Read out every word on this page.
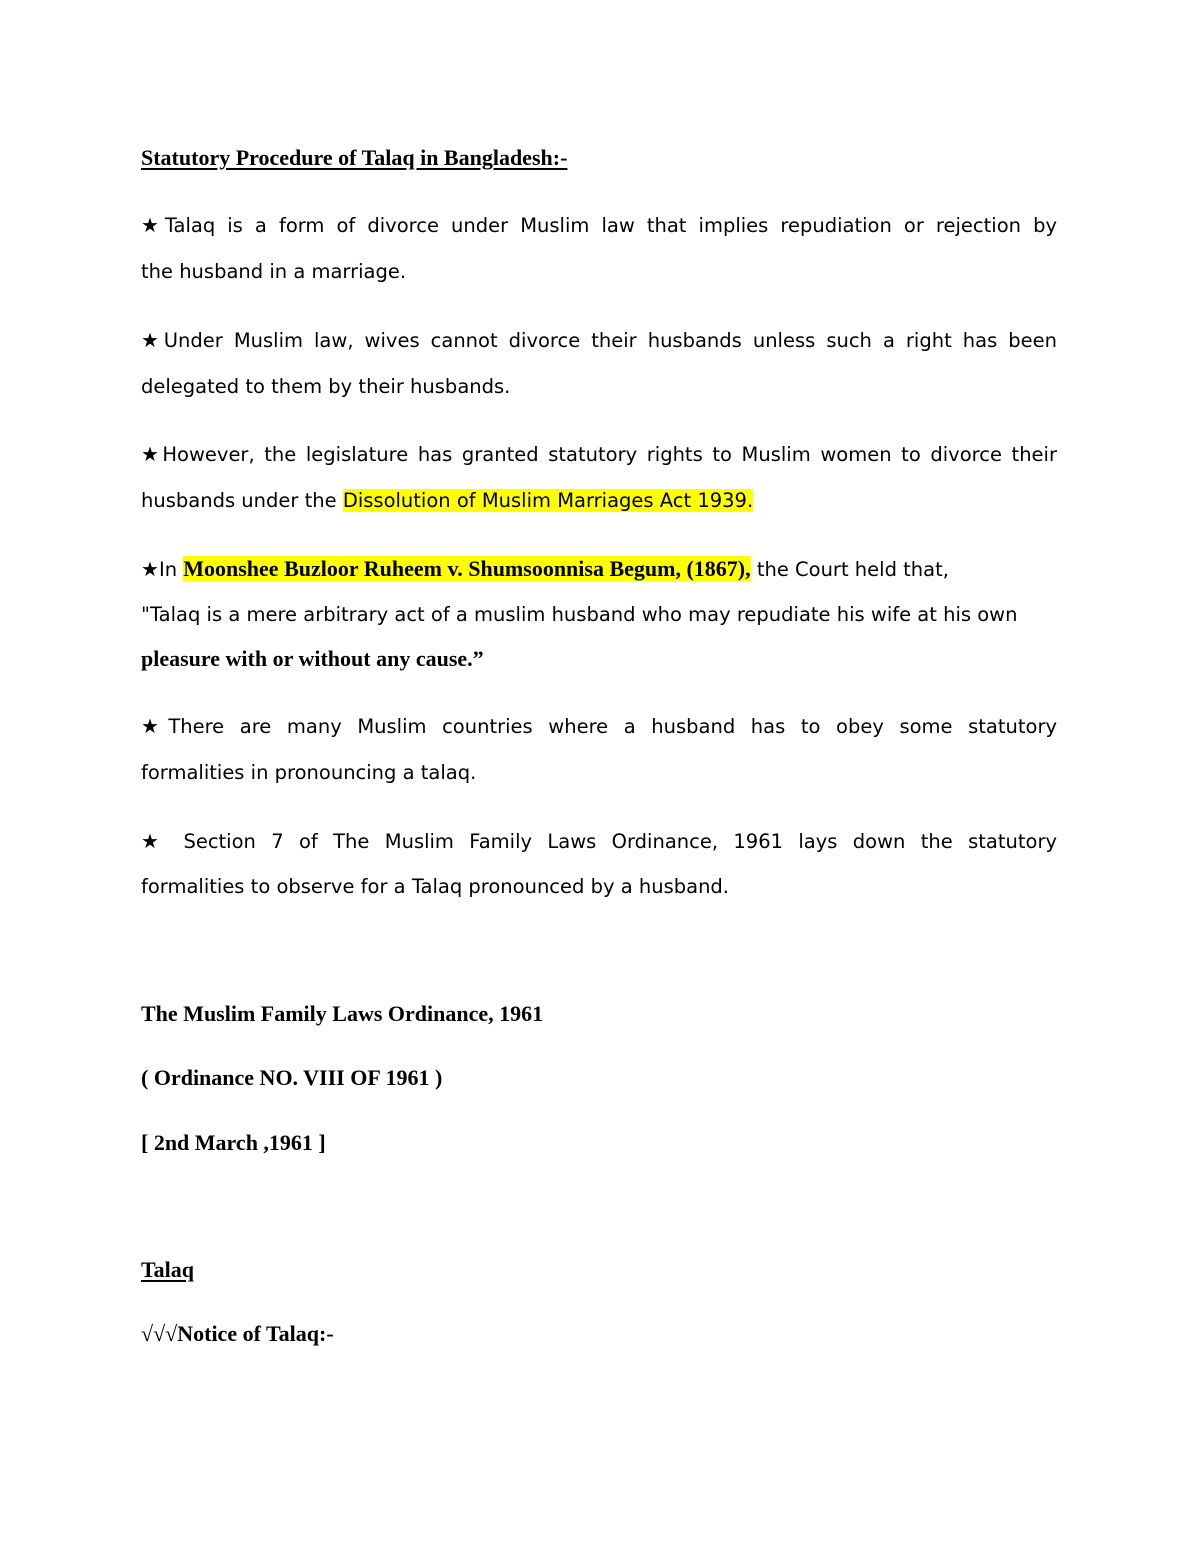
Statutory Procedure of Talaq in Bangladesh:-
★Talaq is a form of divorce under Muslim law that implies repudiation or rejection by
the husband in a marriage.
★Under Muslim law, wives cannot divorce their husbands unless such a right has been
delegated to them by their husbands.
★However, the legislature has granted statutory rights to Muslim women to divorce their
husbands under the Dissolution of Muslim Marriages Act 1939.
★In Moonshee Buzloor Ruheem v. Shumsoonnisa Begum, (1867), the Court held that,
"Talaq is a mere arbitrary act of a muslim husband who may repudiate his wife at his own
pleasure with or without any cause.”
★There are many Muslim countries where a husband has to obey some statutory
formalities in pronouncing a talaq.
★ Section 7 of The Muslim Family Laws Ordinance, 1961 lays down the statutory
formalities to observe for a Talaq pronounced by a husband.
The Muslim Family Laws Ordinance, 1961
( Ordinance NO. VIII OF 1961 )
[ 2nd March ,1961 ]
Talaq
√√√Notice of Talaq:-
